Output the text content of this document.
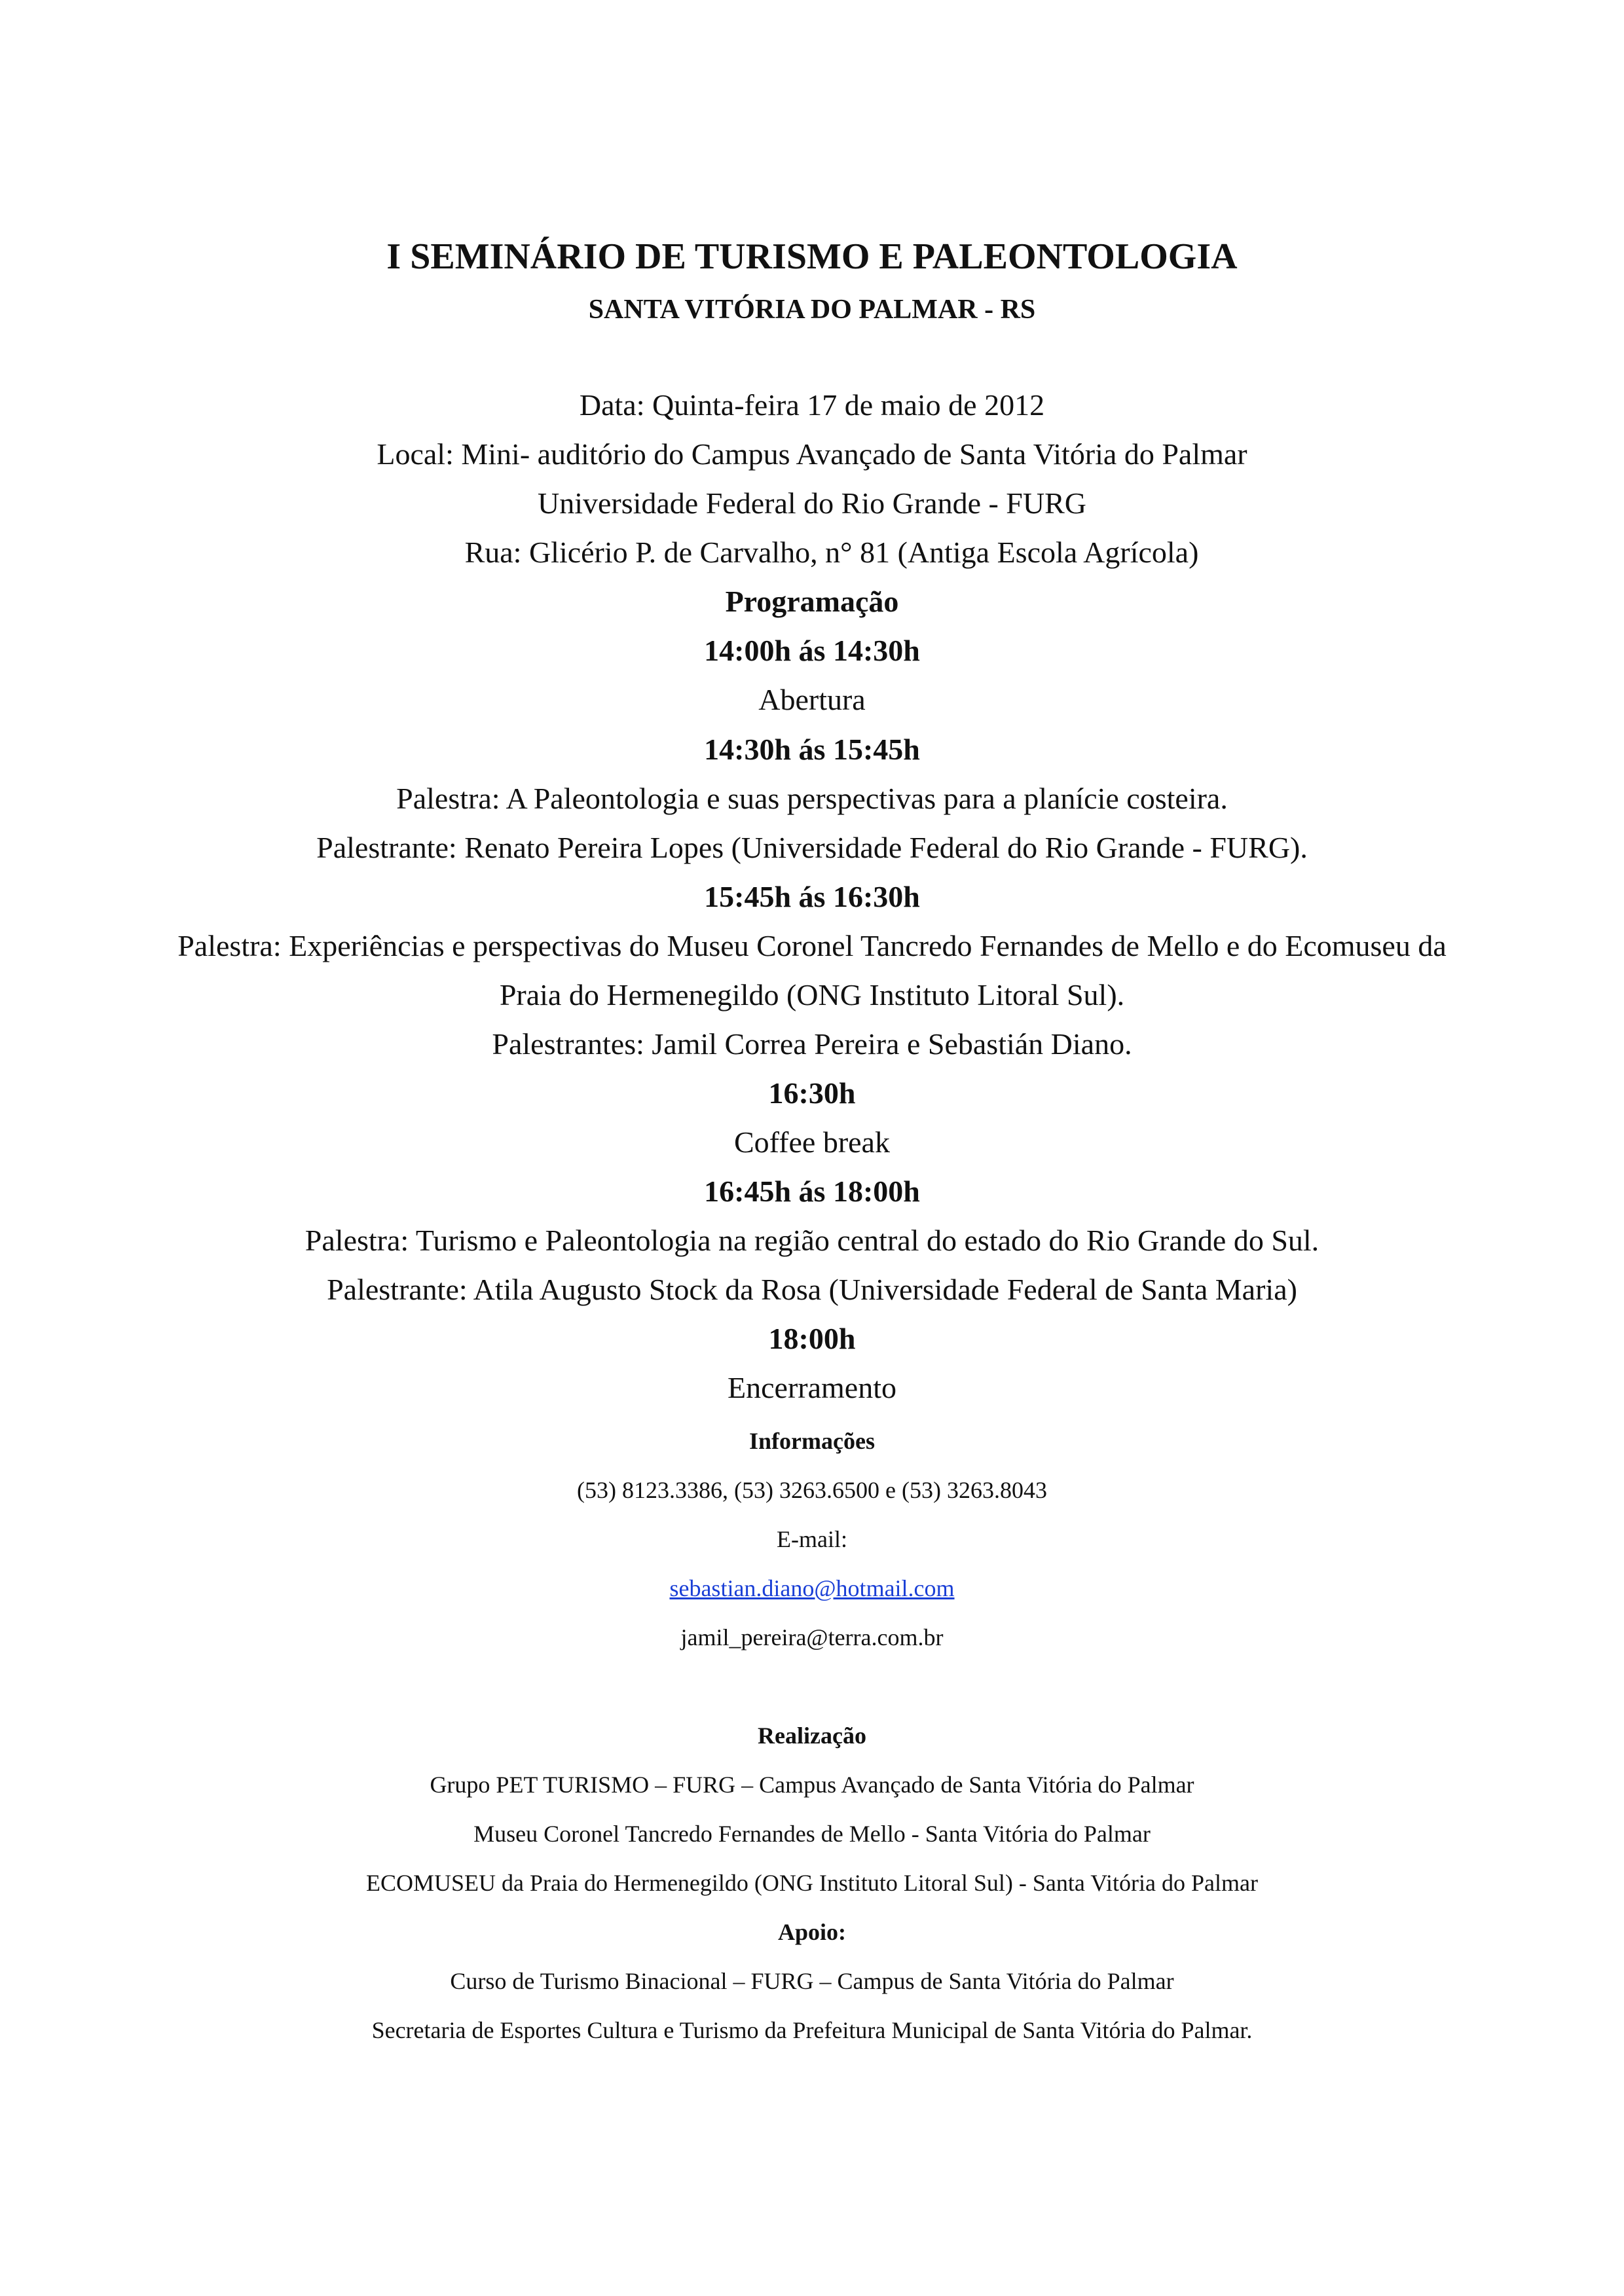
I SEMINÁRIO DE TURISMO E PALEONTOLOGIA
SANTA VITÓRIA DO PALMAR - RS
Data: Quinta-feira 17 de maio de 2012
Local: Mini- auditório do Campus Avançado de Santa Vitória do Palmar
Universidade Federal do Rio Grande - FURG
Rua: Glicério P. de Carvalho, n° 81 (Antiga Escola Agrícola)
Programação
14:00h ás 14:30h
Abertura
14:30h ás 15:45h
Palestra: A Paleontologia e suas perspectivas para a planície costeira.
Palestrante: Renato Pereira Lopes (Universidade Federal do Rio Grande - FURG).
15:45h ás 16:30h
Palestra: Experiências e perspectivas do Museu Coronel Tancredo Fernandes de Mello e do Ecomuseu da
Praia do Hermenegildo (ONG Instituto Litoral Sul).
Palestrantes: Jamil Correa Pereira e Sebastián Diano.
16:30h
Coffee break
16:45h ás 18:00h
Palestra: Turismo e Paleontologia na região central do estado do Rio Grande do Sul.
Palestrante: Atila Augusto Stock da Rosa (Universidade Federal de Santa Maria)
18:00h
Encerramento
Informações
(53) 8123.3386, (53) 3263.6500 e (53) 3263.8043
E-mail:
sebastian.diano@hotmail.com
jamil_pereira@terra.com.br
Realização
Grupo PET TURISMO – FURG – Campus Avançado de Santa Vitória do Palmar
Museu Coronel Tancredo Fernandes de Mello - Santa Vitória do Palmar
ECOMUSEU da Praia do Hermenegildo (ONG Instituto Litoral Sul) - Santa Vitória do Palmar
Apoio:
Curso de Turismo Binacional – FURG – Campus de Santa Vitória do Palmar
Secretaria de Esportes Cultura e Turismo da Prefeitura Municipal de Santa Vitória do Palmar.
